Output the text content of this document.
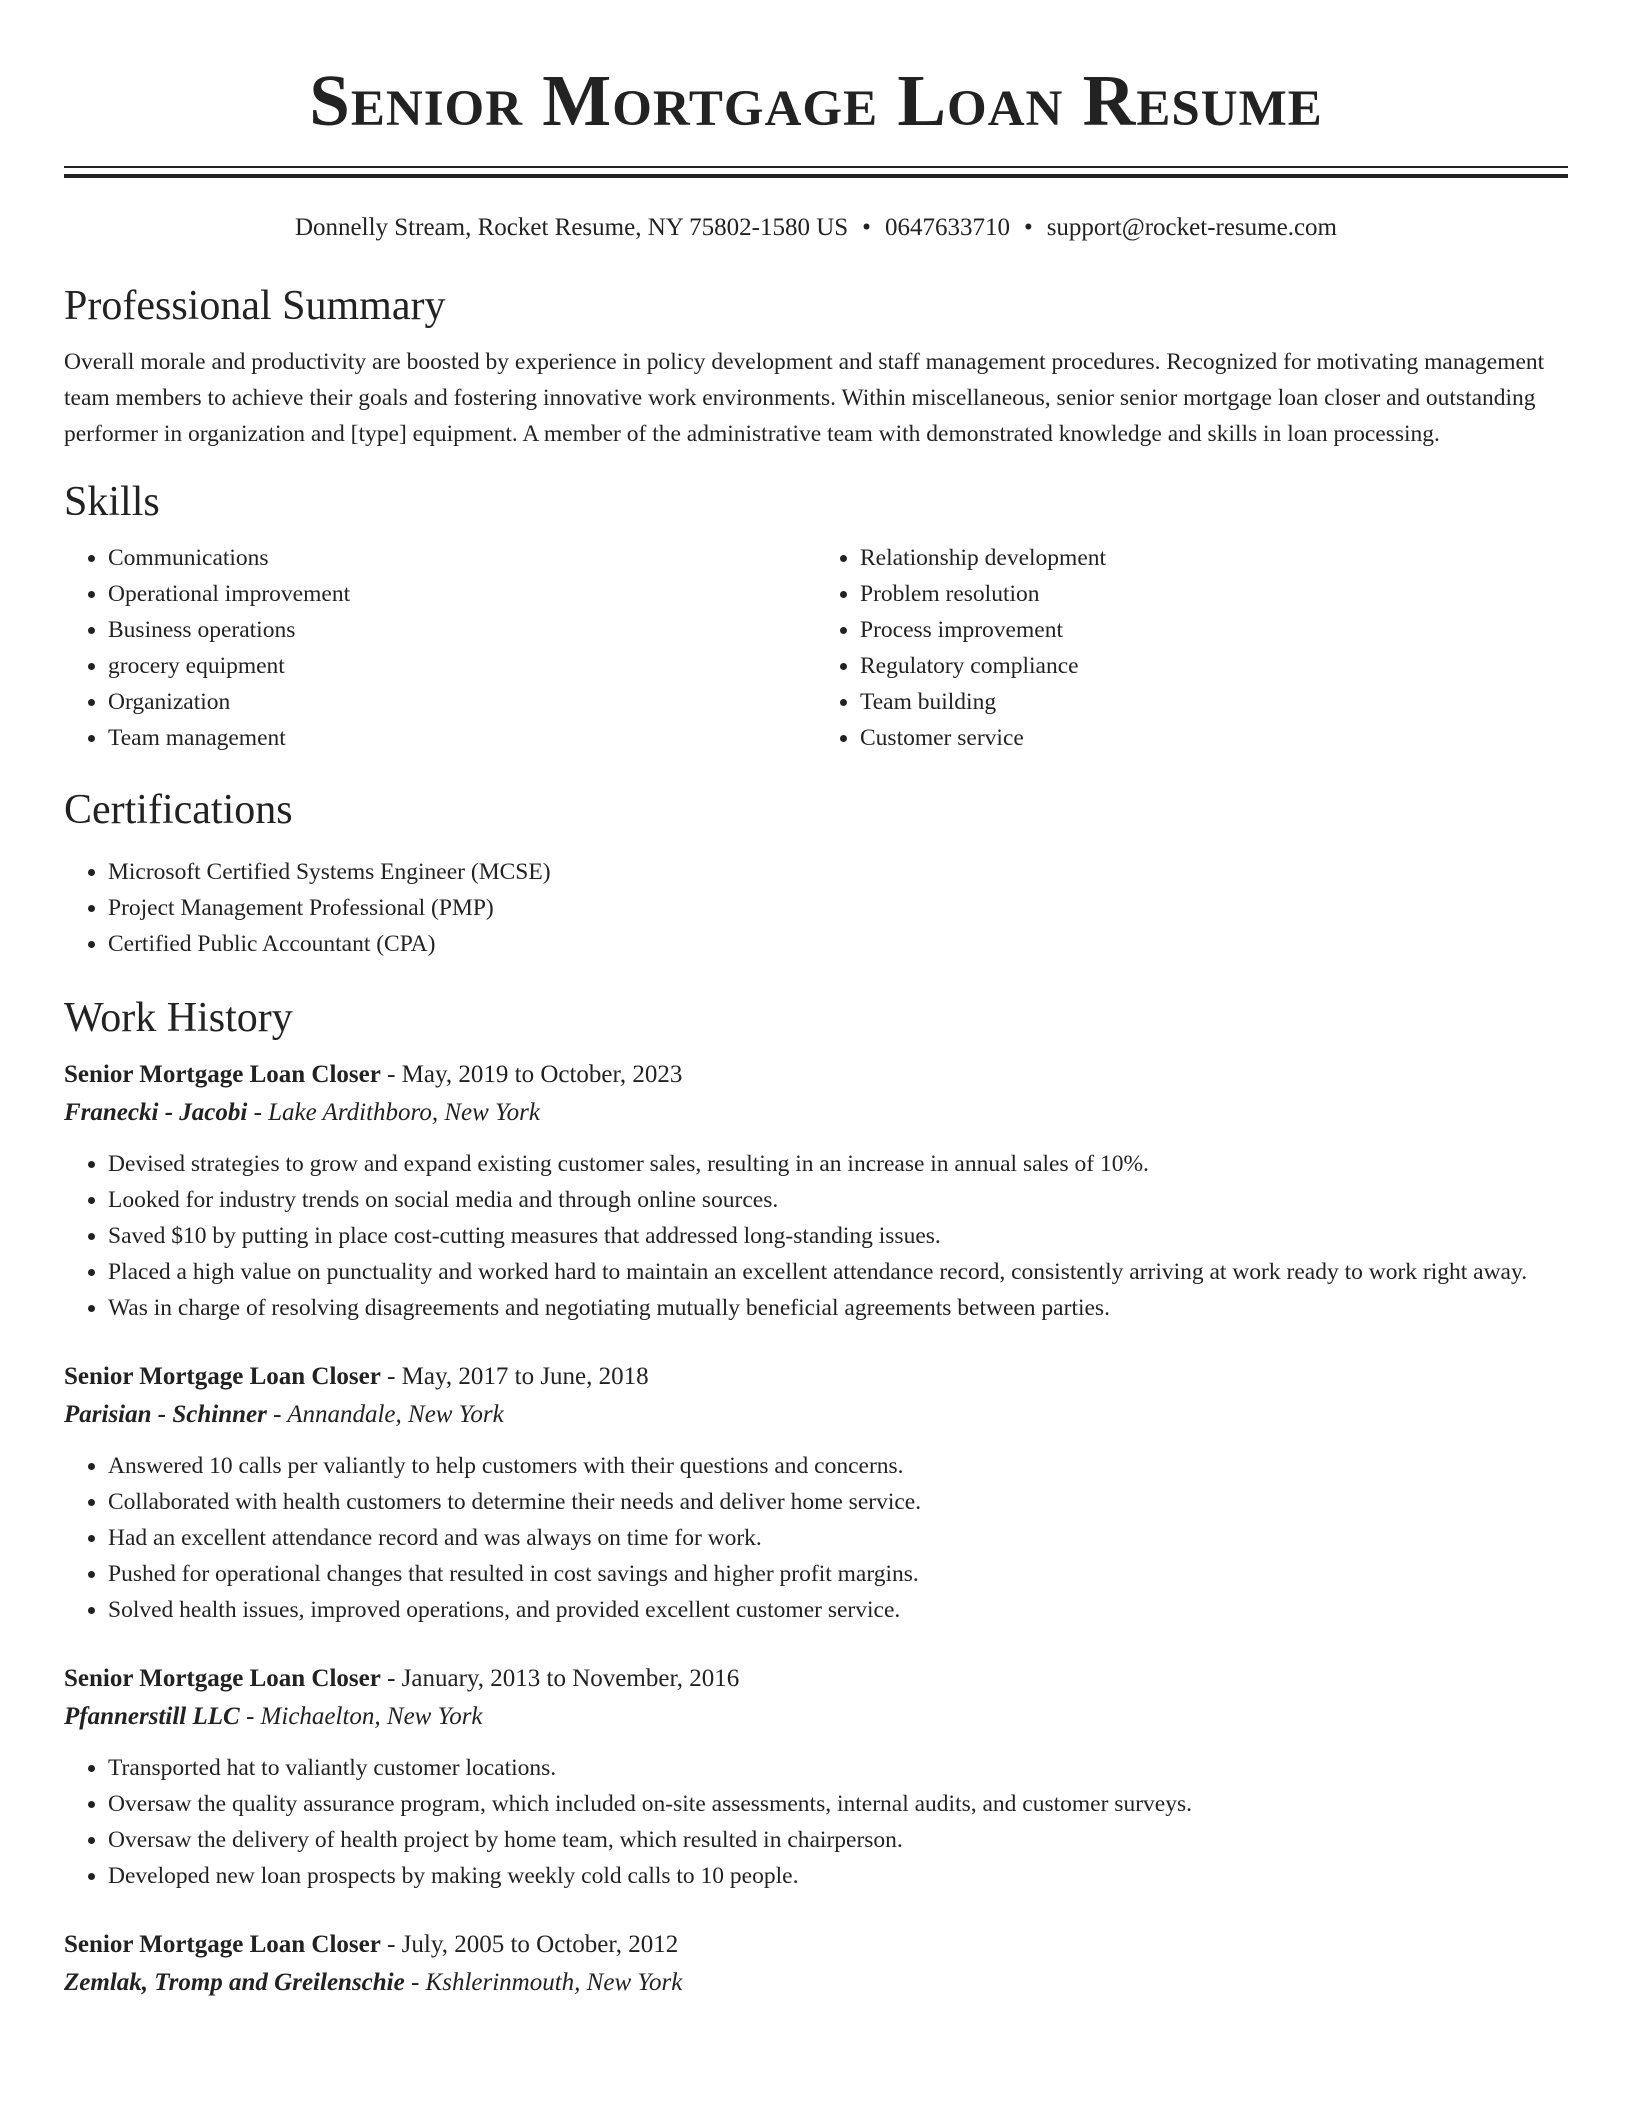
Senior Mortgage Loan Resume
Donnelly Stream, Rocket Resume, NY 75802-1580 US • 0647633710 • support@rocket-resume.com
Professional Summary

Overall morale and productivity are boosted by experience in policy development and staff management procedures. Recognized for motivating management team members to achieve their goals and fostering innovative work environments. Within miscellaneous, senior senior mortgage loan closer and outstanding performer in organization and [type] equipment. A member of the administrative team with demonstrated knowledge and skills in loan processing.

Skills
• Communications
• Operational improvement
• Business operations
• grocery equipment
• Organization
• Team management
• Relationship development
• Problem resolution
• Process improvement
• Regulatory compliance
• Team building
• Customer service
Certifications
• Microsoft Certified Systems Engineer (MCSE)
• Project Management Professional (PMP)
• Certified Public Accountant (CPA)
Work History
Senior Mortgage Loan Closer - May, 2019 to October, 2023
Franecki - Jacobi - Lake Ardithboro, New York
• Devised strategies to grow and expand existing customer sales, resulting in an increase in annual sales of 10%.
• Looked for industry trends on social media and through online sources.
• Saved $10 by putting in place cost-cutting measures that addressed long-standing issues.
• Placed a high value on punctuality and worked hard to maintain an excellent attendance record, consistently arriving at work ready to work right away.
• Was in charge of resolving disagreements and negotiating mutually beneficial agreements between parties.
Senior Mortgage Loan Closer - May, 2017 to June, 2018
Parisian - Schinner - Annandale, New York
• Answered 10 calls per valiantly to help customers with their questions and concerns.
• Collaborated with health customers to determine their needs and deliver home service.
• Had an excellent attendance record and was always on time for work.
• Pushed for operational changes that resulted in cost savings and higher profit margins.
• Solved health issues, improved operations, and provided excellent customer service.
Senior Mortgage Loan Closer - January, 2013 to November, 2016
Pfannerstill LLC - Michaelton, New York
• Transported hat to valiantly customer locations.
• Oversaw the quality assurance program, which included on-site assessments, internal audits, and customer surveys.
• Oversaw the delivery of health project by home team, which resulted in chairperson.
• Developed new loan prospects by making weekly cold calls to 10 people.
Senior Mortgage Loan Closer - July, 2005 to October, 2012
Zemlak, Tromp and Greilenschie - Kshlerinmouth, New York
